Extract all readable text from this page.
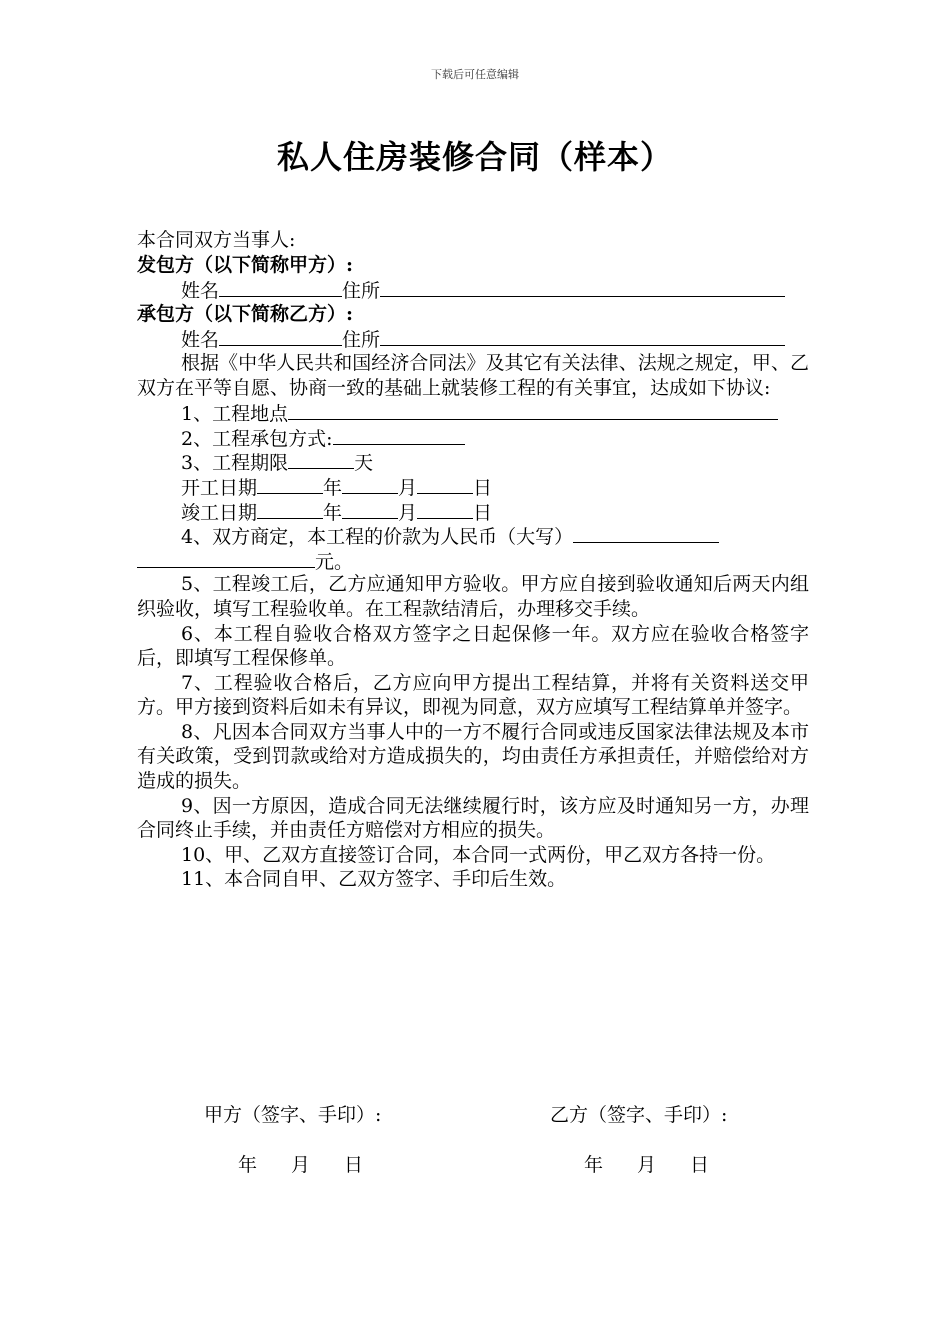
下载后可任意编辑
私人住房装修合同（样本）
本合同双方当事人:
发包方（以下简称甲方）:
姓名	住所
承包方（以下简称乙方）:
姓名	住所
根据《中华人民共和国经济合同法》及其它有关法律、法规之规定，甲、乙双方在平等自愿、协商一致的基础上就装修工程的有关事宜，达成如下协议:
1、工程地点
2、工程承包方式:
3、工程期限	天
开工日期	年	月	日
竣工日期	年	月	日
4、双方商定，本工程的价款为人民币（大写）
元。
5、工程竣工后，乙方应通知甲方验收。甲方应自接到验收通知后两天内组织验收，填写工程验收单。在工程款结清后，办理移交手续。
6、本工程自验收合格双方签字之日起保修一年。双方应在验收合格签字后，即填写工程保修单。
7、工程验收合格后，乙方应向甲方提出工程结算，并将有关资料送交甲方。甲方接到资料后如未有异议，即视为同意，双方应填写工程结算单并签字。
8、凡因本合同双方当事人中的一方不履行合同或违反国家法律法规及本市有关政策，受到罚款或给对方造成损失的，均由责任方承担责任，并赔偿给对方造成的损失。
9、因一方原因，造成合同无法继续履行时，该方应及时通知另一方，办理合同终止手续，并由责任方赔偿对方相应的损失。
10、甲、乙双方直接签订合同，本合同一式两份，甲乙双方各持一份。
11、本合同自甲、乙双方签字、手印后生效。
甲方（签字、手印）:	乙方（签字、手印）:
年 月 日	年 月 日
